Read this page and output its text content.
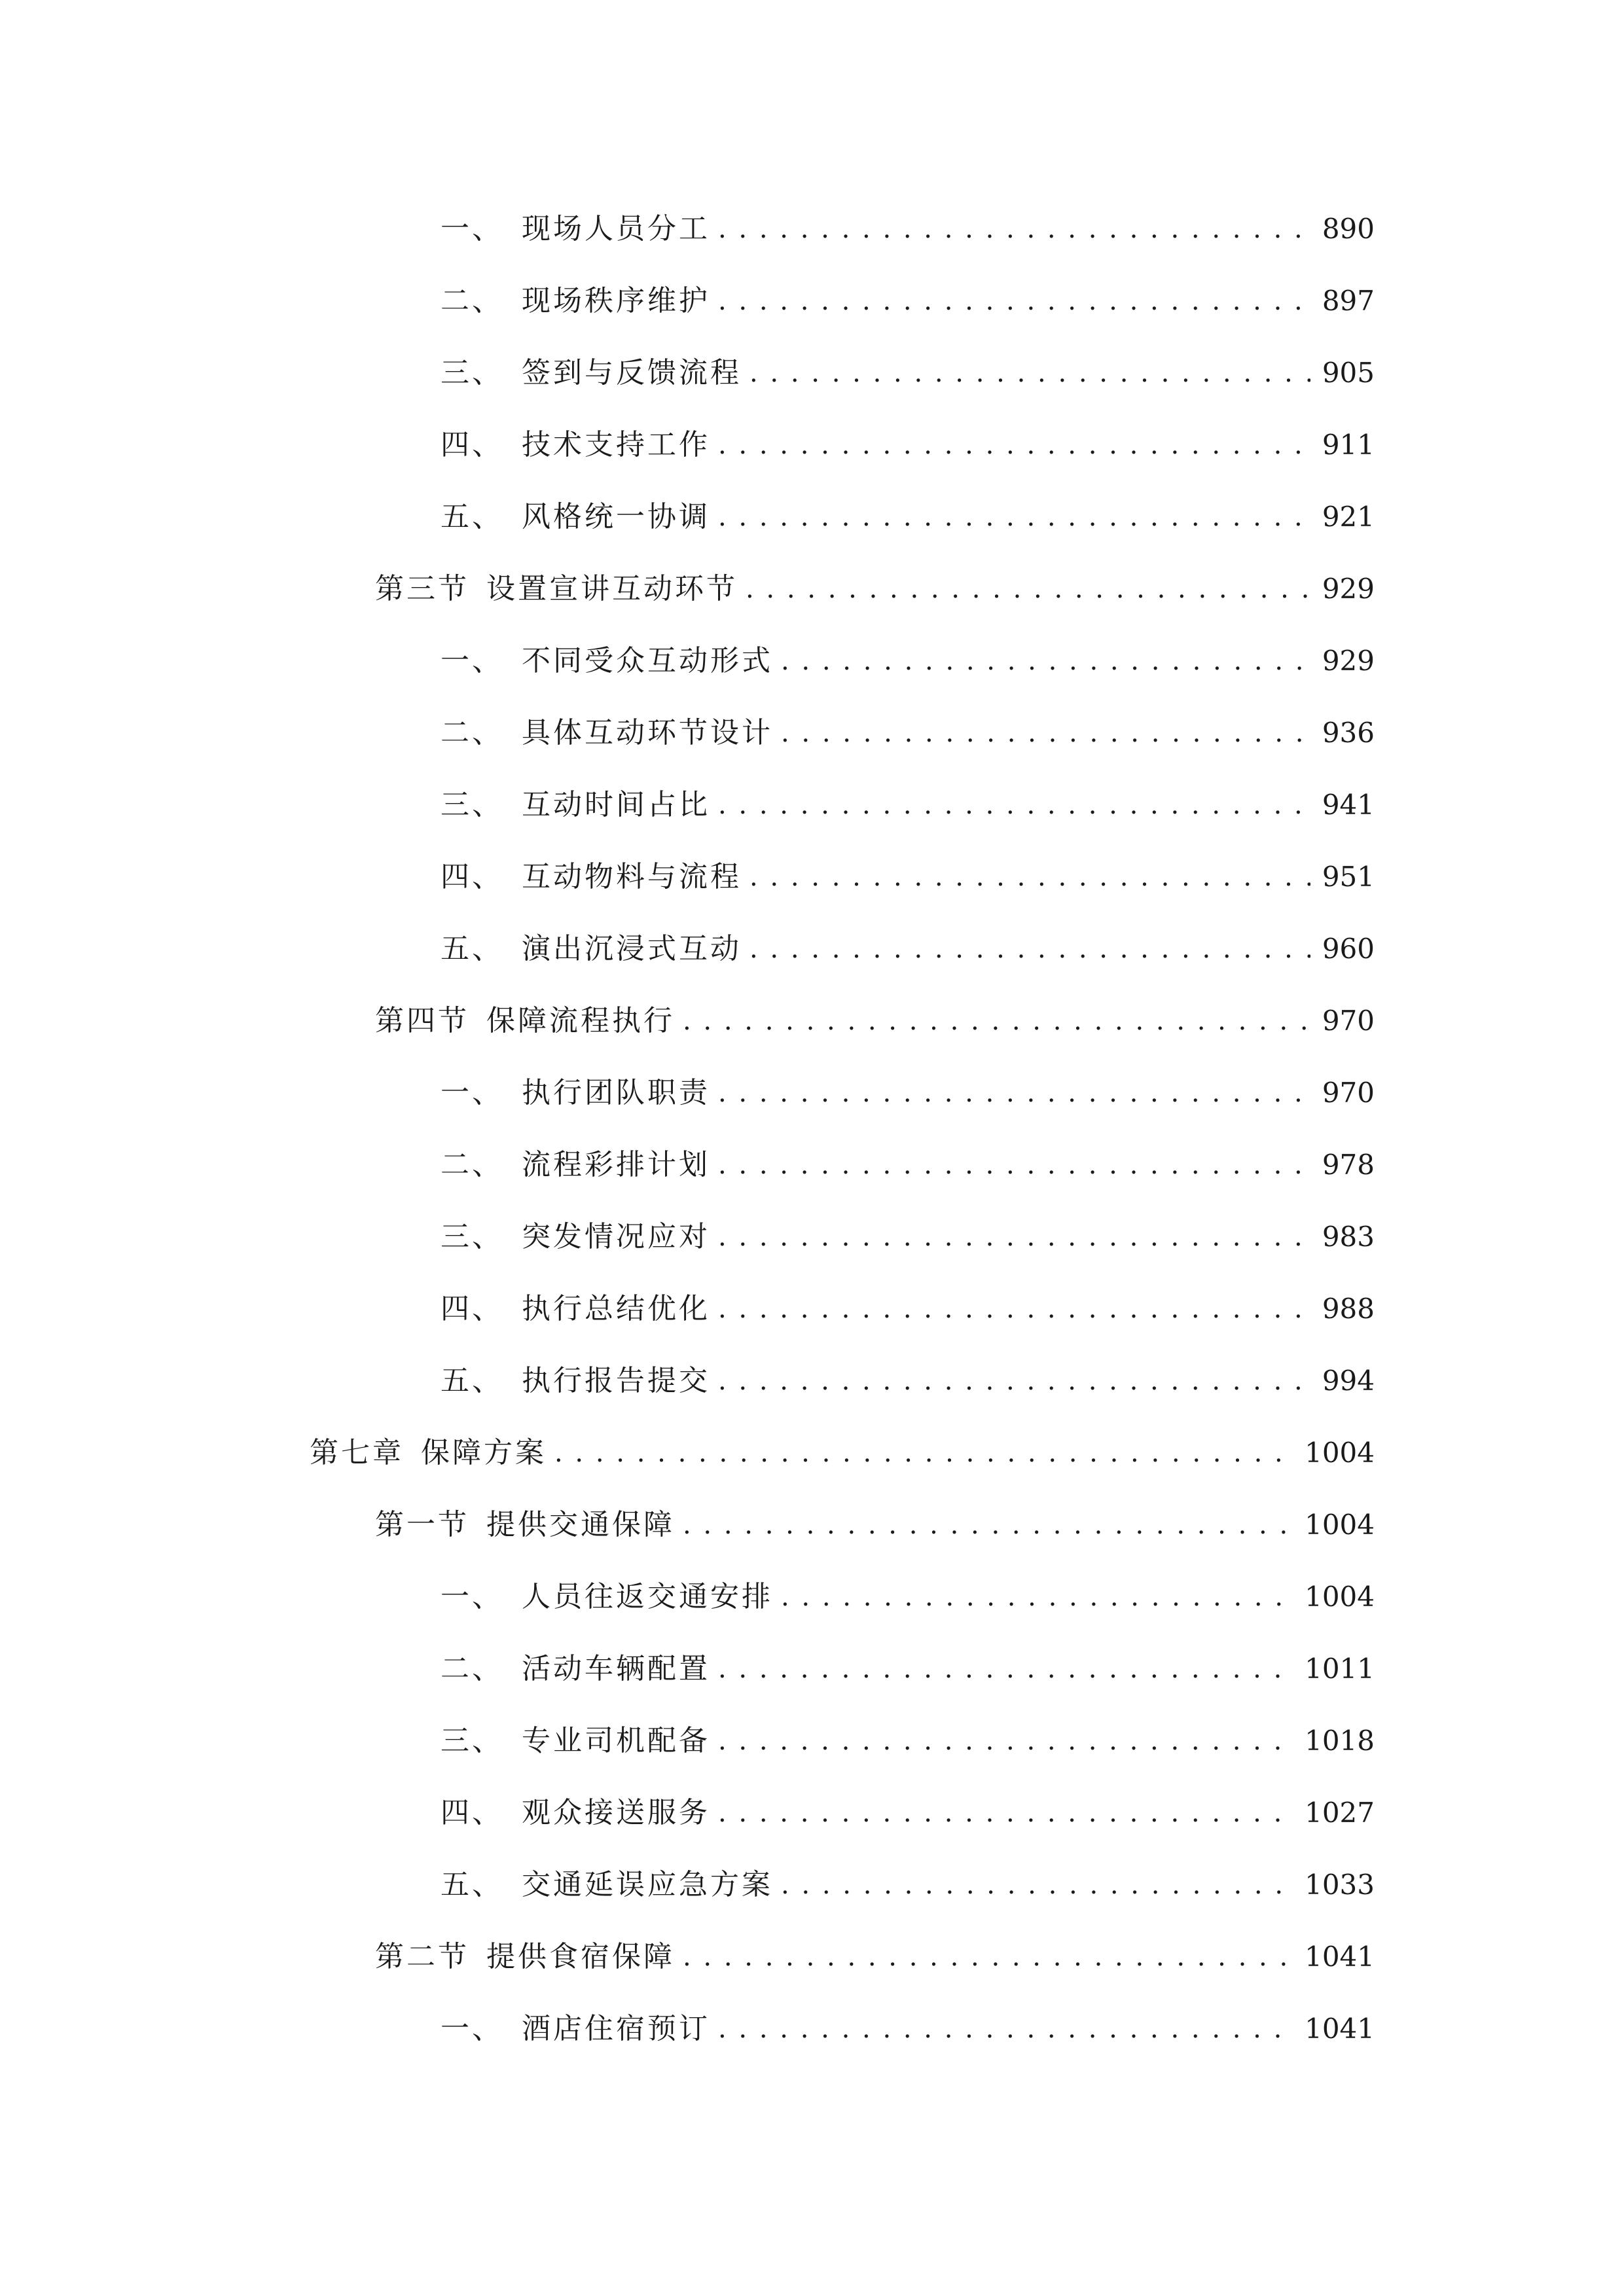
一、 现场人员分工 . . .	890
二、 现场秩序维护 . . .	897
三、 签到与反馈流程 . . .	905
四、 技术支持工作 . . .	911
五、 风格统一协调 . . .	921
第三节 设置宣讲互动环节 . . .	929
一、 不同受众互动形式 . . .	929
二、 具体互动环节设计 . . .	936
三、 互动时间占比 . . .	941
四、 互动物料与流程 . . .	951
五、 演出沉浸式互动 . . .	960
第四节 保障流程执行 . . .	970
一、 执行团队职责 . . .	970
二、 流程彩排计划 . . .	978
三、 突发情况应对 . . .	983
四、 执行总结优化 . . .	988
五、 执行报告提交 . . .	994
第七章 保障方案 . . .	1004
第一节 提供交通保障 . . .	1004
一、 人员往返交通安排 . . .	1004
二、 活动车辆配置 . . .	1011
三、 专业司机配备 . . .	1018
四、 观众接送服务 . . .	1027
五、 交通延误应急方案 . . .	1033
第二节 提供食宿保障 . . .	1041
一、 酒店住宿预订 . . .	1041
